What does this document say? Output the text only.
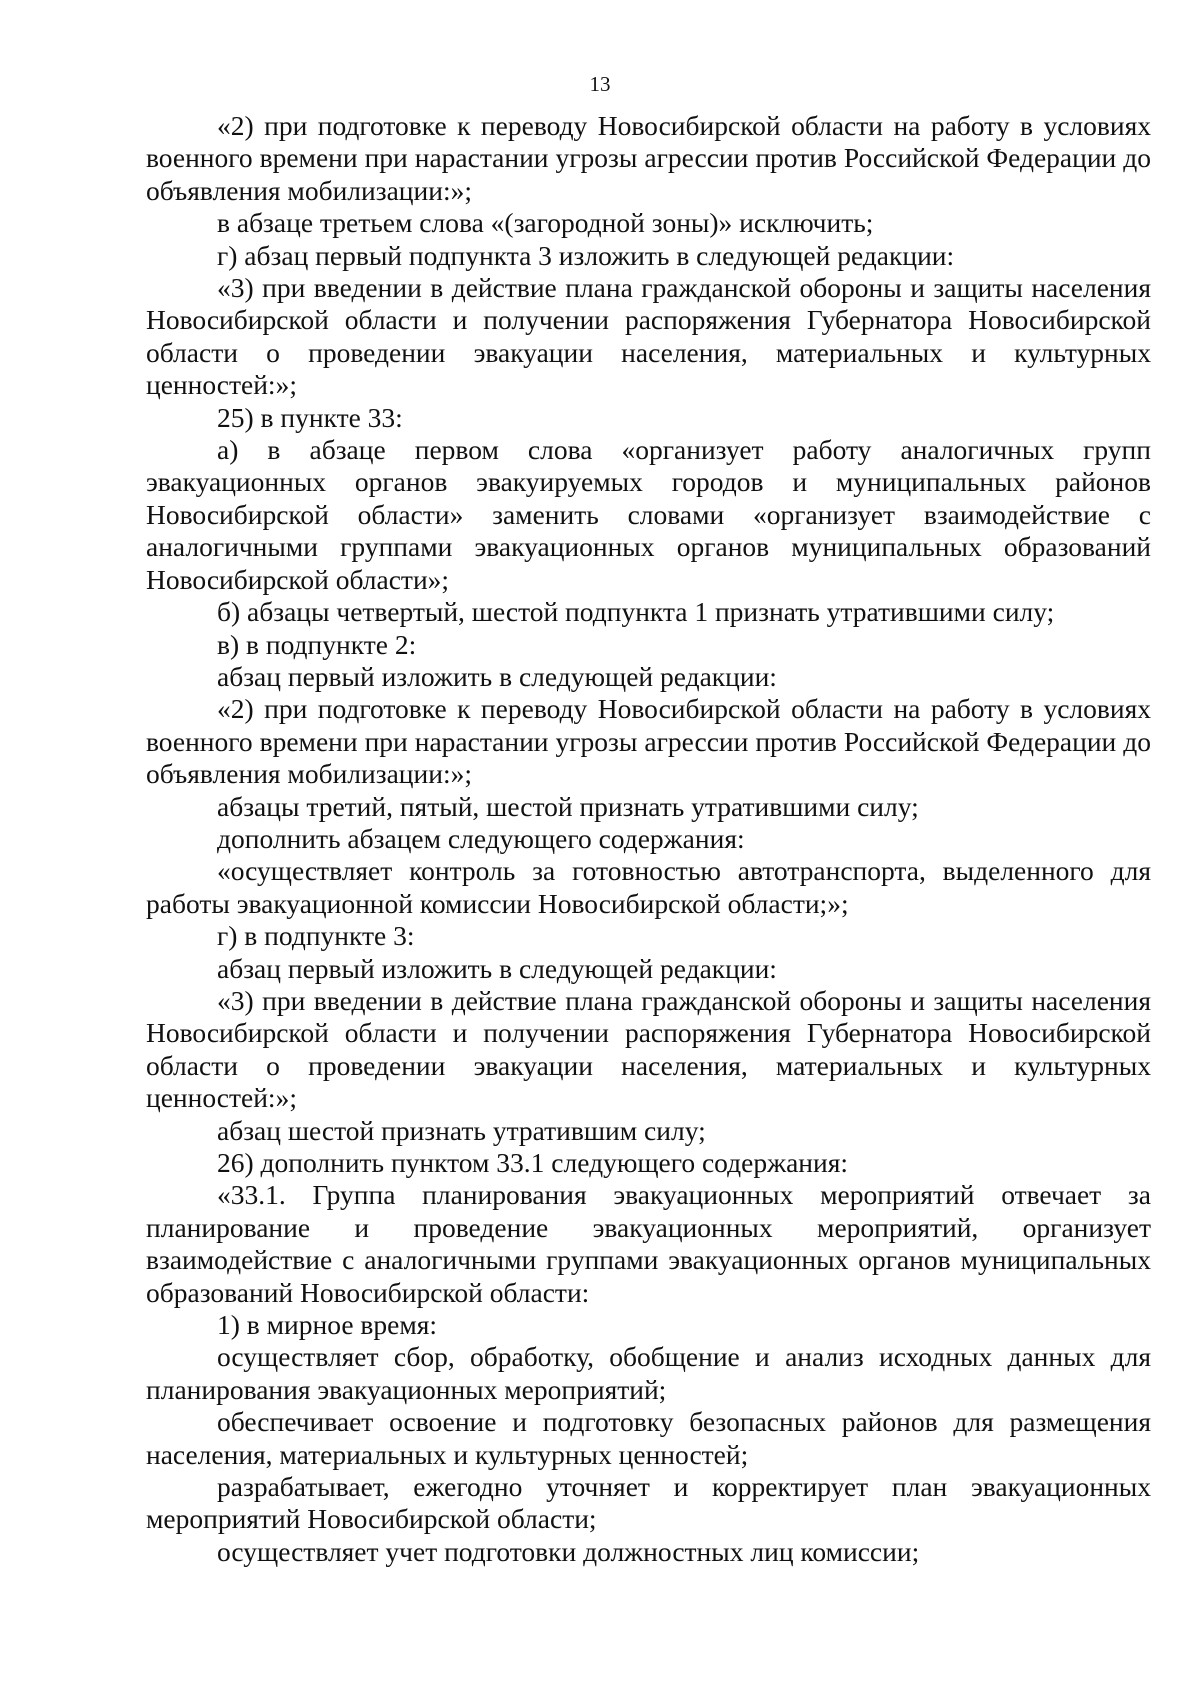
13

«2) при подготовке к переводу Новосибирской области на работу в условиях военного времени при нарастании угрозы агрессии против Российской Федерации до объявления мобилизации:»;

в абзаце третьем слова «(загородной зоны)» исключить;

г) абзац первый подпункта 3 изложить в следующей редакции:

«3) при введении в действие плана гражданской обороны и защиты населения Новосибирской области и получении распоряжения Губернатора Новосибирской области о проведении эвакуации населения, материальных и культурных ценностей:»;

25) в пункте 33:

а) в абзаце первом слова «организует работу аналогичных групп эвакуационных органов эвакуируемых городов и муниципальных районов Новосибирской области» заменить словами «организует взаимодействие с аналогичными группами эвакуационных органов муниципальных образований Новосибирской области»;

б) абзацы четвертый, шестой подпункта 1 признать утратившими силу;

в) в подпункте 2:

абзац первый изложить в следующей редакции:

«2) при подготовке к переводу Новосибирской области на работу в условиях военного времени при нарастании угрозы агрессии против Российской Федерации до объявления мобилизации:»;

абзацы третий, пятый, шестой признать утратившими силу;

дополнить абзацем следующего содержания:

«осуществляет контроль за готовностью автотранспорта, выделенного для работы эвакуационной комиссии Новосибирской области;»;

г) в подпункте 3:

абзац первый изложить в следующей редакции:

«3) при введении в действие плана гражданской обороны и защиты населения Новосибирской области и получении распоряжения Губернатора Новосибирской области о проведении эвакуации населения, материальных и культурных ценностей:»;

абзац шестой признать утратившим силу;

26) дополнить пунктом 33.1 следующего содержания:

«33.1. Группа планирования эвакуационных мероприятий отвечает за планирование и проведение эвакуационных мероприятий, организует взаимодействие с аналогичными группами эвакуационных органов муниципальных образований Новосибирской области:

1) в мирное время:

осуществляет сбор, обработку, обобщение и анализ исходных данных для планирования эвакуационных мероприятий;

обеспечивает освоение и подготовку безопасных районов для размещения населения, материальных и культурных ценностей;

разрабатывает, ежегодно уточняет и корректирует план эвакуационных мероприятий Новосибирской области;

осуществляет учет подготовки должностных лиц комиссии;
